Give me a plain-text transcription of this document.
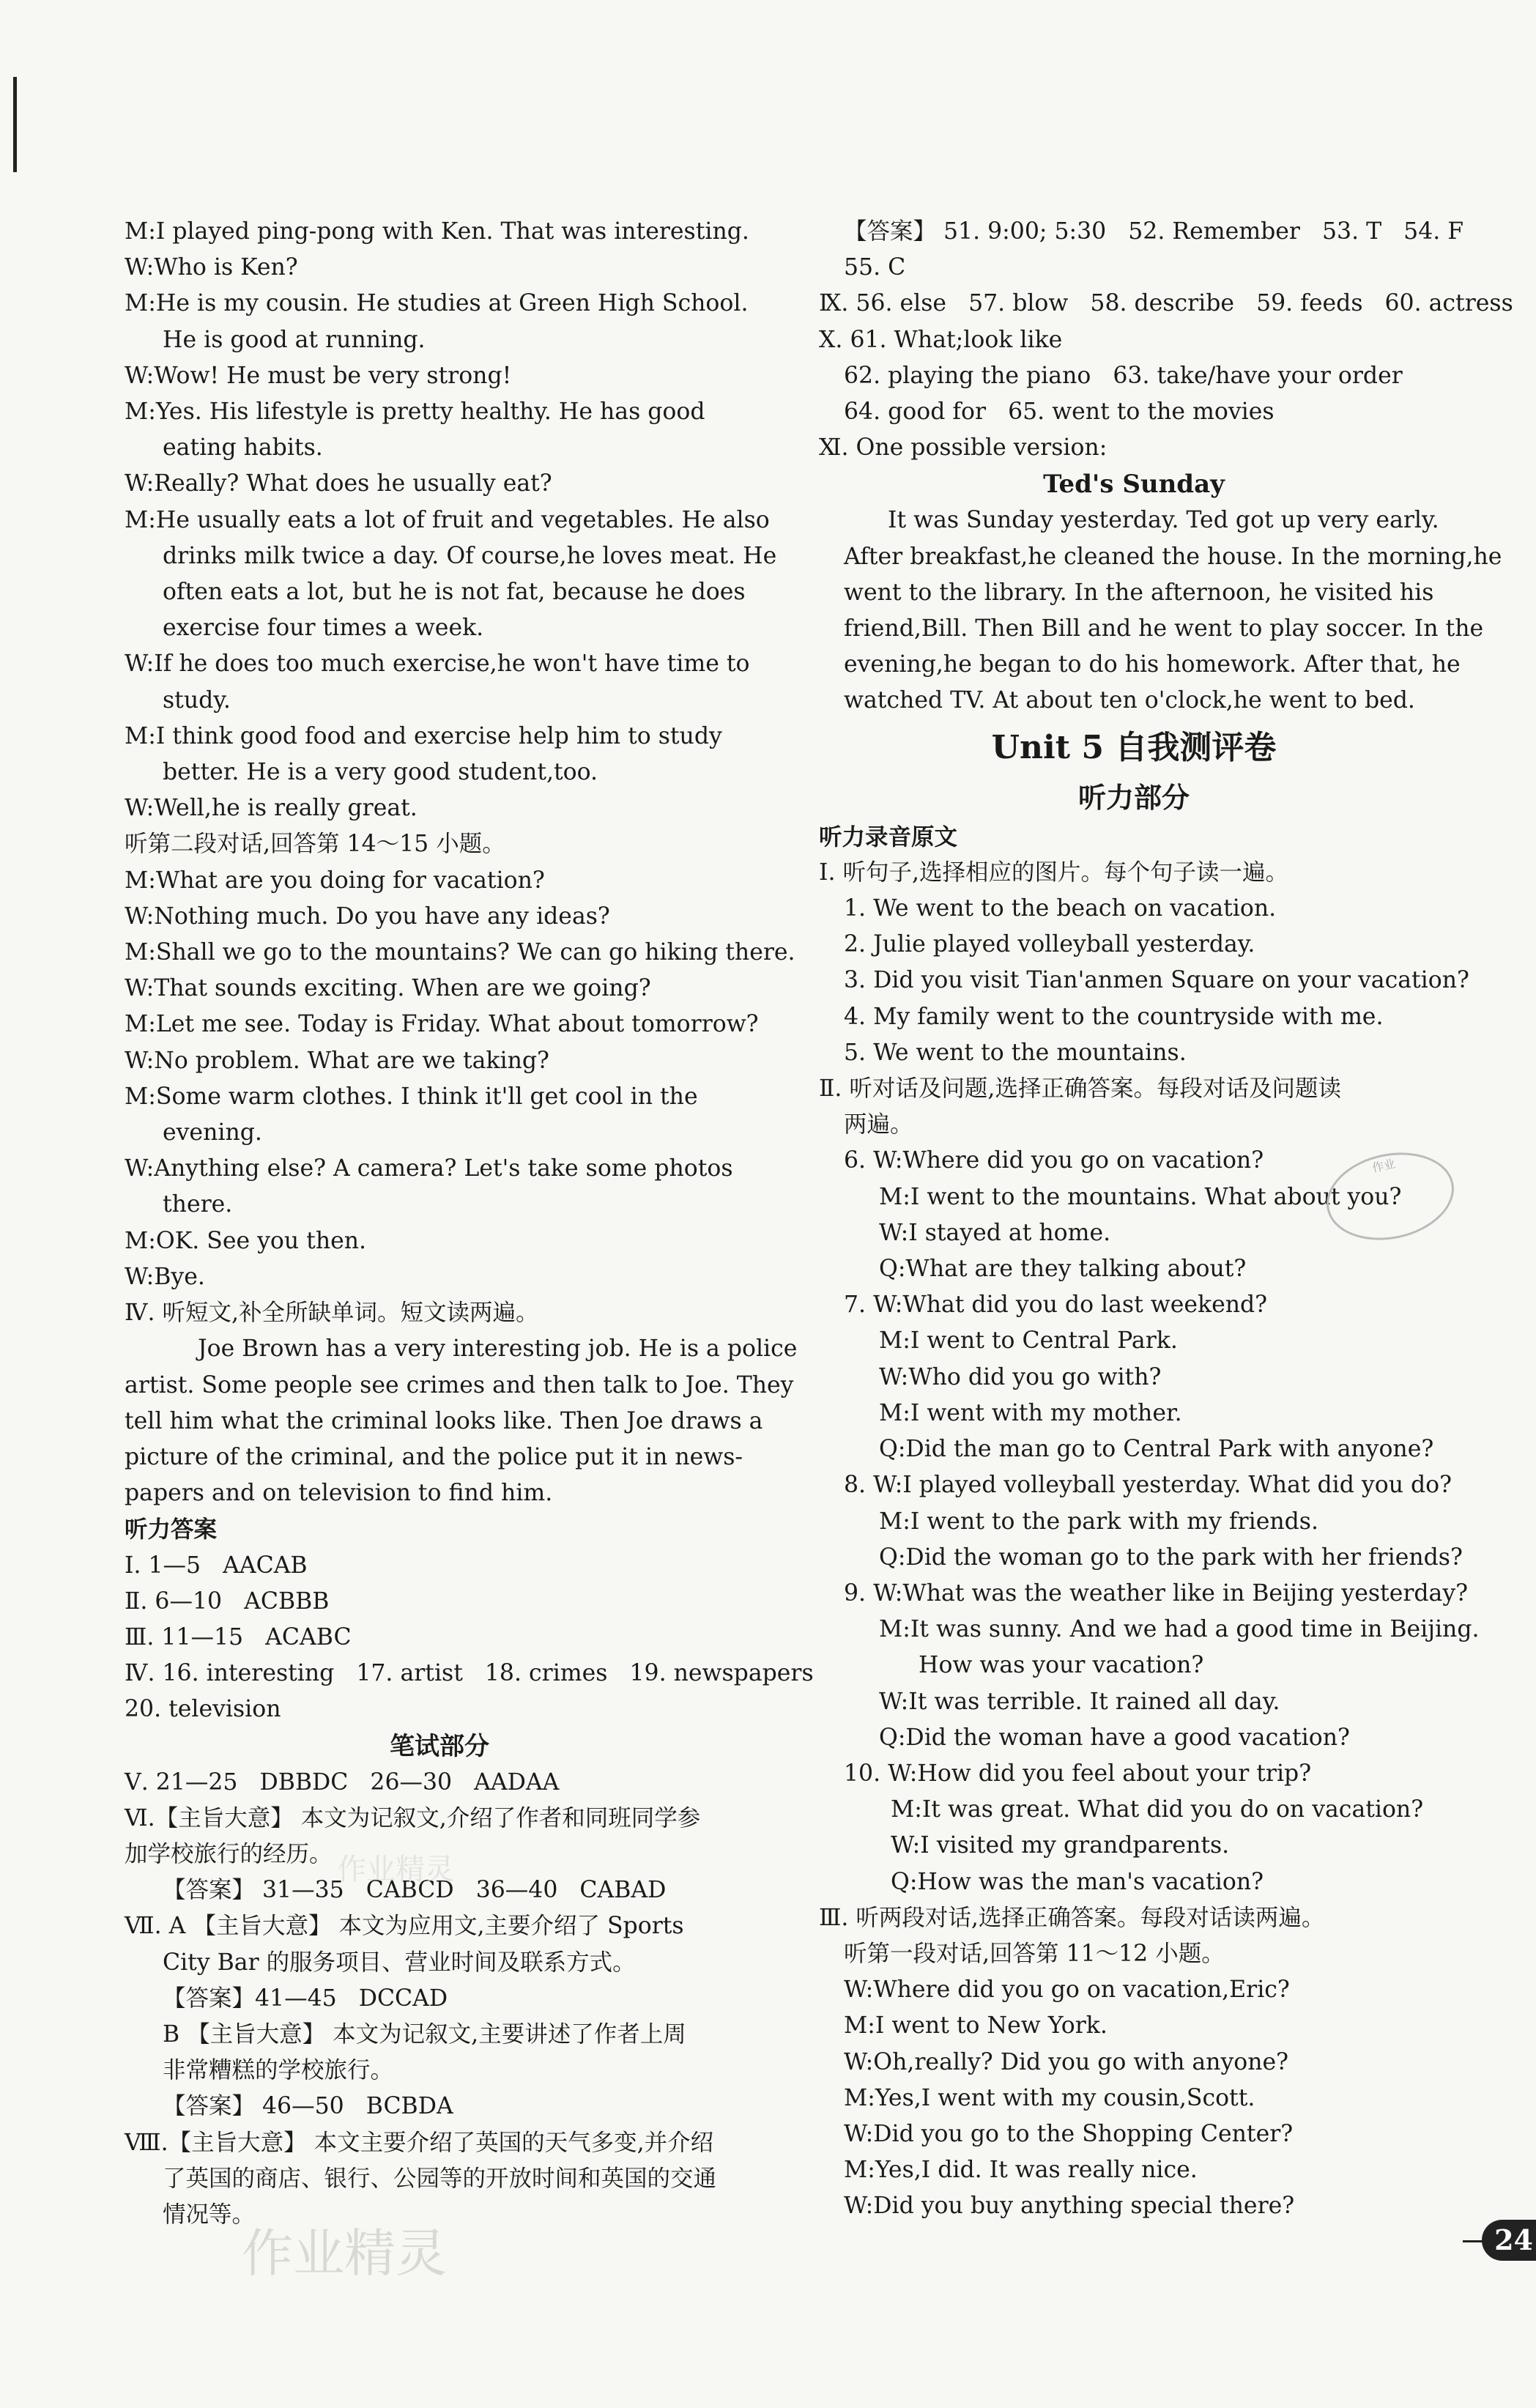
M:I played ping-pong with Ken. That was interesting.
W:Who is Ken?
M:He is my cousin. He studies at Green High School.
He is good at running.
W:Wow! He must be very strong!
M:Yes. His lifestyle is pretty healthy. He has good
eating habits.
W:Really? What does he usually eat?
M:He usually eats a lot of fruit and vegetables. He also
drinks milk twice a day. Of course,he loves meat. He
often eats a lot, but he is not fat, because he does
exercise four times a week.
W:If he does too much exercise,he won't have time to
study.
M:I think good food and exercise help him to study
better. He is a very good student,too.
W:Well,he is really great.
听第二段对话,回答第 14～15 小题。
M:What are you doing for vacation?
W:Nothing much. Do you have any ideas?
M:Shall we go to the mountains? We can go hiking there.
W:That sounds exciting. When are we going?
M:Let me see. Today is Friday. What about tomorrow?
W:No problem. What are we taking?
M:Some warm clothes. I think it'll get cool in the
evening.
W:Anything else? A camera? Let's take some photos
there.
M:OK. See you then.
W:Bye.
Ⅳ. 听短文,补全所缺单词。短文读两遍。
Joe Brown has a very interesting job. He is a police
artist. Some people see crimes and then talk to Joe. They
tell him what the criminal looks like. Then Joe draws a
picture of the criminal, and the police put it in news-
papers and on television to find him.
听力答案
Ⅰ. 1—5   AACAB
Ⅱ. 6—10   ACBBB
Ⅲ. 11—15   ACABC
Ⅳ. 16. interesting   17. artist   18. crimes   19. newspapers
20. television
笔试部分
Ⅴ. 21—25   DBBDC   26—30   AADAA
Ⅵ.【主旨大意】 本文为记叙文,介绍了作者和同班同学参
加学校旅行的经历。
【答案】 31—35   CABCD   36—40   CABAD
Ⅶ. A 【主旨大意】 本文为应用文,主要介绍了 Sports
City Bar 的服务项目、营业时间及联系方式。
【答案】41—45   DCCAD
B 【主旨大意】 本文为记叙文,主要讲述了作者上周
非常糟糕的学校旅行。
【答案】 46—50   BCBDA
Ⅷ.【主旨大意】 本文主要介绍了英国的天气多变,并介绍
了英国的商店、银行、公园等的开放时间和英国的交通
情况等。
【答案】 51. 9:00; 5:30   52. Remember   53. T   54. F
55. C
Ⅸ. 56. else   57. blow   58. describe   59. feeds   60. actress
Ⅹ. 61. What;look like
62. playing the piano   63. take/have your order
64. good for   65. went to the movies
Ⅺ. One possible version:
Ted's Sunday
It was Sunday yesterday. Ted got up very early.
After breakfast,he cleaned the house. In the morning,he
went to the library. In the afternoon, he visited his
friend,Bill. Then Bill and he went to play soccer. In the
evening,he began to do his homework. After that, he
watched TV. At about ten o'clock,he went to bed.
Unit 5 自我测评卷
听力部分
听力录音原文
Ⅰ. 听句子,选择相应的图片。每个句子读一遍。
1. We went to the beach on vacation.
2. Julie played volleyball yesterday.
3. Did you visit Tian'anmen Square on your vacation?
4. My family went to the countryside with me.
5. We went to the mountains.
Ⅱ. 听对话及问题,选择正确答案。每段对话及问题读
两遍。
6. W:Where did you go on vacation?
M:I went to the mountains. What about you?
W:I stayed at home.
Q:What are they talking about?
7. W:What did you do last weekend?
M:I went to Central Park.
W:Who did you go with?
M:I went with my mother.
Q:Did the man go to Central Park with anyone?
8. W:I played volleyball yesterday. What did you do?
M:I went to the park with my friends.
Q:Did the woman go to the park with her friends?
9. W:What was the weather like in Beijing yesterday?
M:It was sunny. And we had a good time in Beijing.
How was your vacation?
W:It was terrible. It rained all day.
Q:Did the woman have a good vacation?
10. W:How did you feel about your trip?
M:It was great. What did you do on vacation?
W:I visited my grandparents.
Q:How was the man's vacation?
Ⅲ. 听两段对话,选择正确答案。每段对话读两遍。
听第一段对话,回答第 11～12 小题。
W:Where did you go on vacation,Eric?
M:I went to New York.
W:Oh,really? Did you go with anyone?
M:Yes,I went with my cousin,Scott.
W:Did you go to the Shopping Center?
M:Yes,I did. It was really nice.
W:Did you buy anything special there?
作业精灵
作业精灵
作业
24
